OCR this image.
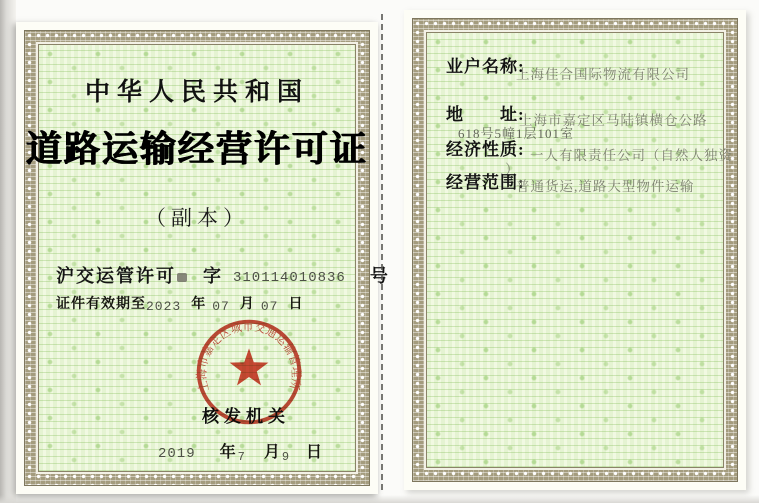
中华人民共和国
道路运输经营许可证
（副本）
沪交运管许可 字 310114010836 号
证件有效期至2023 年 07 月 07 日
上海市嘉定区城市交通运输管理所
核发机关
2019 年 7 月 9 日
业户名称:
上海佳合国际物流有限公司
地　　址:
上海市嘉定区马陆镇横仓公路
618号5幢1层101室
经济性质: 一人有限责任公司（自然人独资
）
经营范围:
普通货运,道路大型物件运输
